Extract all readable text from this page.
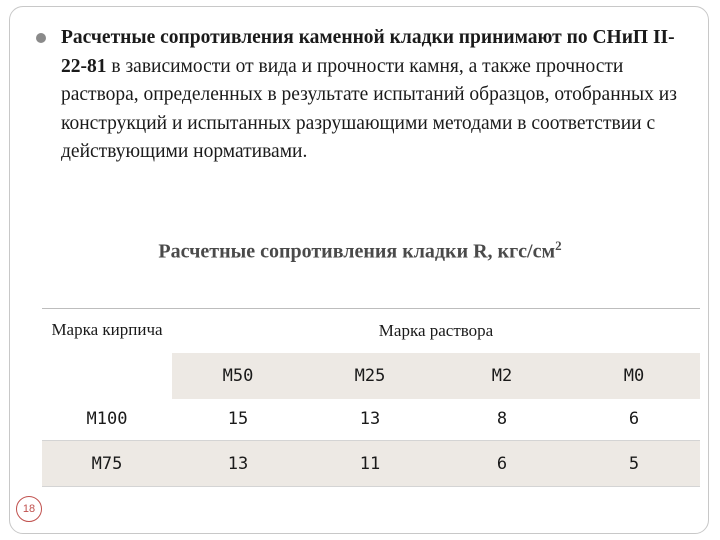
Расчетные сопротивления каменной кладки принимают по СНиП II-22-81 в зависимости от вида и прочности камня, а также прочности раствора, определенных в результате испытаний образцов, отобранных из конструкций и испытанных разрушающими методами в соответствии с действующими нормативами.
Расчетные сопротивления кладки R, кгс/$см^2$
Марка кирпича	Марка раствора			
	М50	М25	М2	М0
М100	15	13	8	6
М75	13	11	6	5
18
